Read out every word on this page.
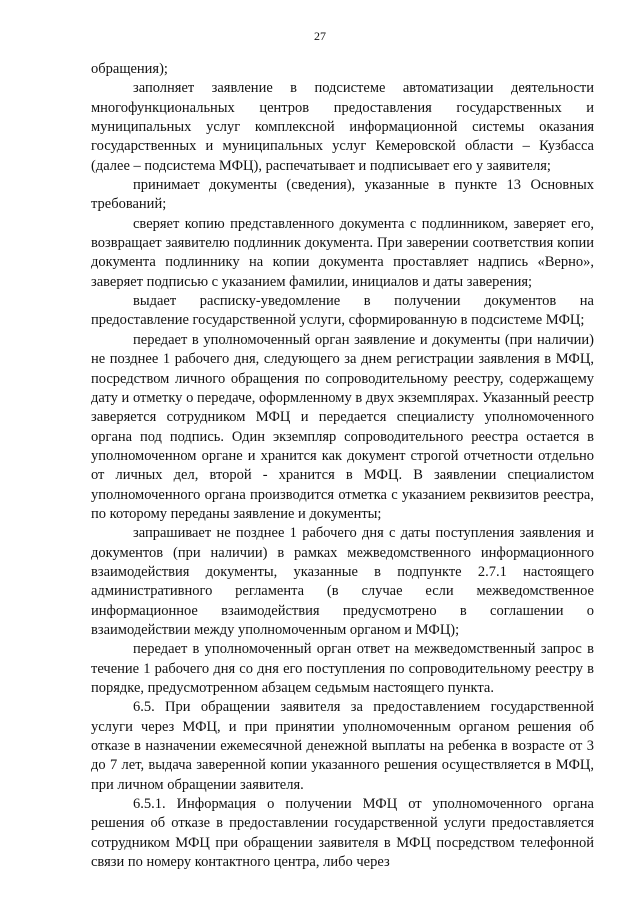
27

обращения);

заполняет заявление в подсистеме автоматизации деятельности многофункциональных центров предоставления государственных и муниципальных услуг комплексной информационной системы оказания государственных и муниципальных услуг Кемеровской области – Кузбасса (далее – подсистема МФЦ), распечатывает и подписывает его у заявителя;

принимает документы (сведения), указанные в пункте 13 Основных требований;

сверяет копию представленного документа с подлинником, заверяет его, возвращает заявителю подлинник документа. При заверении соответствия копии документа подлиннику на копии документа проставляет надпись «Верно», заверяет подписью с указанием фамилии, инициалов и даты заверения;

выдает расписку-уведомление в получении документов на предоставление государственной услуги, сформированную в подсистеме МФЦ;

передает в уполномоченный орган заявление и документы (при наличии) не позднее 1 рабочего дня, следующего за днем регистрации заявления в МФЦ, посредством личного обращения по сопроводительному реестру, содержащему дату и отметку о передаче, оформленному в двух экземплярах. Указанный реестр заверяется сотрудником МФЦ и передается специалисту уполномоченного органа под подпись. Один экземпляр сопроводительного реестра остается в уполномоченном органе и хранится как документ строгой отчетности отдельно от личных дел, второй - хранится в МФЦ. В заявлении специалистом уполномоченного органа производится отметка с указанием реквизитов реестра, по которому переданы заявление и документы;

запрашивает не позднее 1 рабочего дня с даты поступления заявления и документов (при наличии) в рамках межведомственного информационного взаимодействия документы, указанные в подпункте 2.7.1 настоящего административного регламента (в случае если межведомственное информационное взаимодействия предусмотрено в соглашении о взаимодействии между уполномоченным органом и МФЦ);

передает в уполномоченный орган ответ на межведомственный запрос в течение 1 рабочего дня со дня его поступления по сопроводительному реестру в порядке, предусмотренном абзацем седьмым настоящего пункта.

6.5. При обращении заявителя за предоставлением государственной услуги через МФЦ, и при принятии уполномоченным органом решения об отказе в назначении ежемесячной денежной выплаты на ребенка в возрасте от 3 до 7 лет, выдача заверенной копии указанного решения осуществляется в МФЦ, при личном обращении заявителя.

6.5.1. Информация о получении МФЦ от уполномоченного органа решения об отказе в предоставлении государственной услуги предоставляется сотрудником МФЦ при обращении заявителя в МФЦ посредством телефонной связи по номеру контактного центра, либо через
